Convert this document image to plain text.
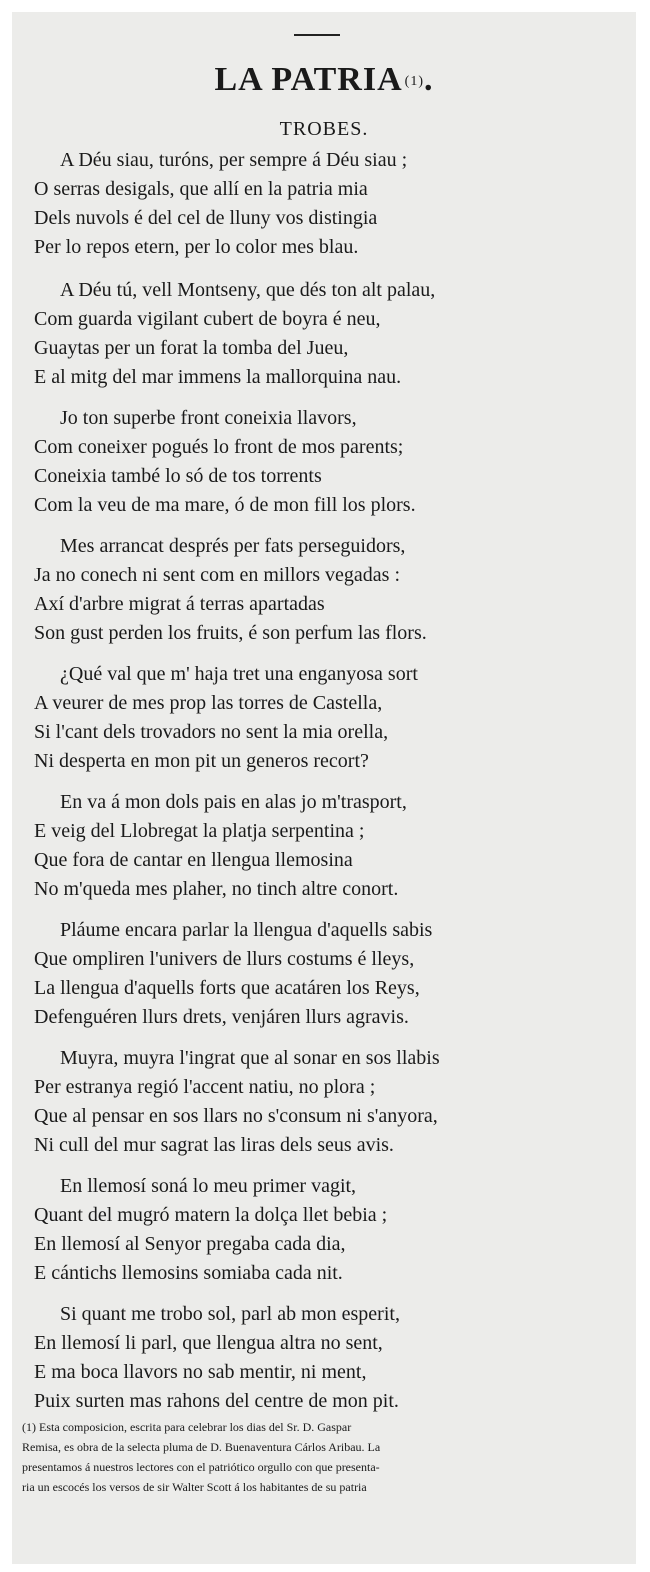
LA PATRIA $^{(1)}$.
TROBES.
A Déu siau, turóns, per sempre á Déu siau ;
O serras desigals, que allí en la patria mia
Dels nuvols é del cel de lluny vos distingia
Per lo repos etern, per lo color mes blau.
A Déu tú, vell Montseny, que dés ton alt palau,
Com guarda vigilant cubert de boyra é neu,
Guaytas per un forat la tomba del Jueu,
E al mitg del mar immens la mallorquina nau.
Jo ton superbe front coneixia llavors,
Com coneixer pogués lo front de mos parents;
Coneixia també lo só de tos torrents
Com la veu de ma mare, ó de mon fill los plors.
Mes arrancat després per fats perseguidors,
Ja no conech ni sent com en millors vegadas :
Axí d'arbre migrat á terras apartadas
Son gust perden los fruits, é son perfum las flors.
¿Qué val que m' haja tret una enganyosa sort
A veurer de mes prop las torres de Castella,
Si l'cant dels trovadors no sent la mia orella,
Ni desperta en mon pit un generos recort?
En va á mon dols pais en alas jo m'trasport,
E veig del Llobregat la platja serpentina ;
Que fora de cantar en llengua llemosina
No m'queda mes plaher, no tinch altre conort.
Pláume encara parlar la llengua d'aquells sabis
Que ompliren l'univers de llurs costums é lleys,
La llengua d'aquells forts que acatáren los Reys,
Defenguéren llurs drets, venjáren llurs agravis.
Muyra, muyra l'ingrat que al sonar en sos llabis
Per estranya regió l'accent natiu, no plora ;
Que al pensar en sos llars no s'consum ni s'anyora,
Ni cull del mur sagrat las liras dels seus avis.
En llemosí soná lo meu primer vagit,
Quant del mugró matern la dolça llet bebia ;
En llemosí al Senyor pregaba cada dia,
E cántichs llemosins somiaba cada nit.
Si quant me trobo sol, parl ab mon esperit,
En llemosí li parl, que llengua altra no sent,
E ma boca llavors no sab mentir, ni ment,
Puix surten mas rahons del centre de mon pit.
(1) Esta composicion, escrita para celebrar los dias del Sr. D. Gaspar
Remisa, es obra de la selecta pluma de D. Buenaventura Cárlos Aribau. La
presentamos á nuestros lectores con el patriótico orgullo con que presenta-
ria un escocés los versos de sir Walter Scott á los habitantes de su patria
